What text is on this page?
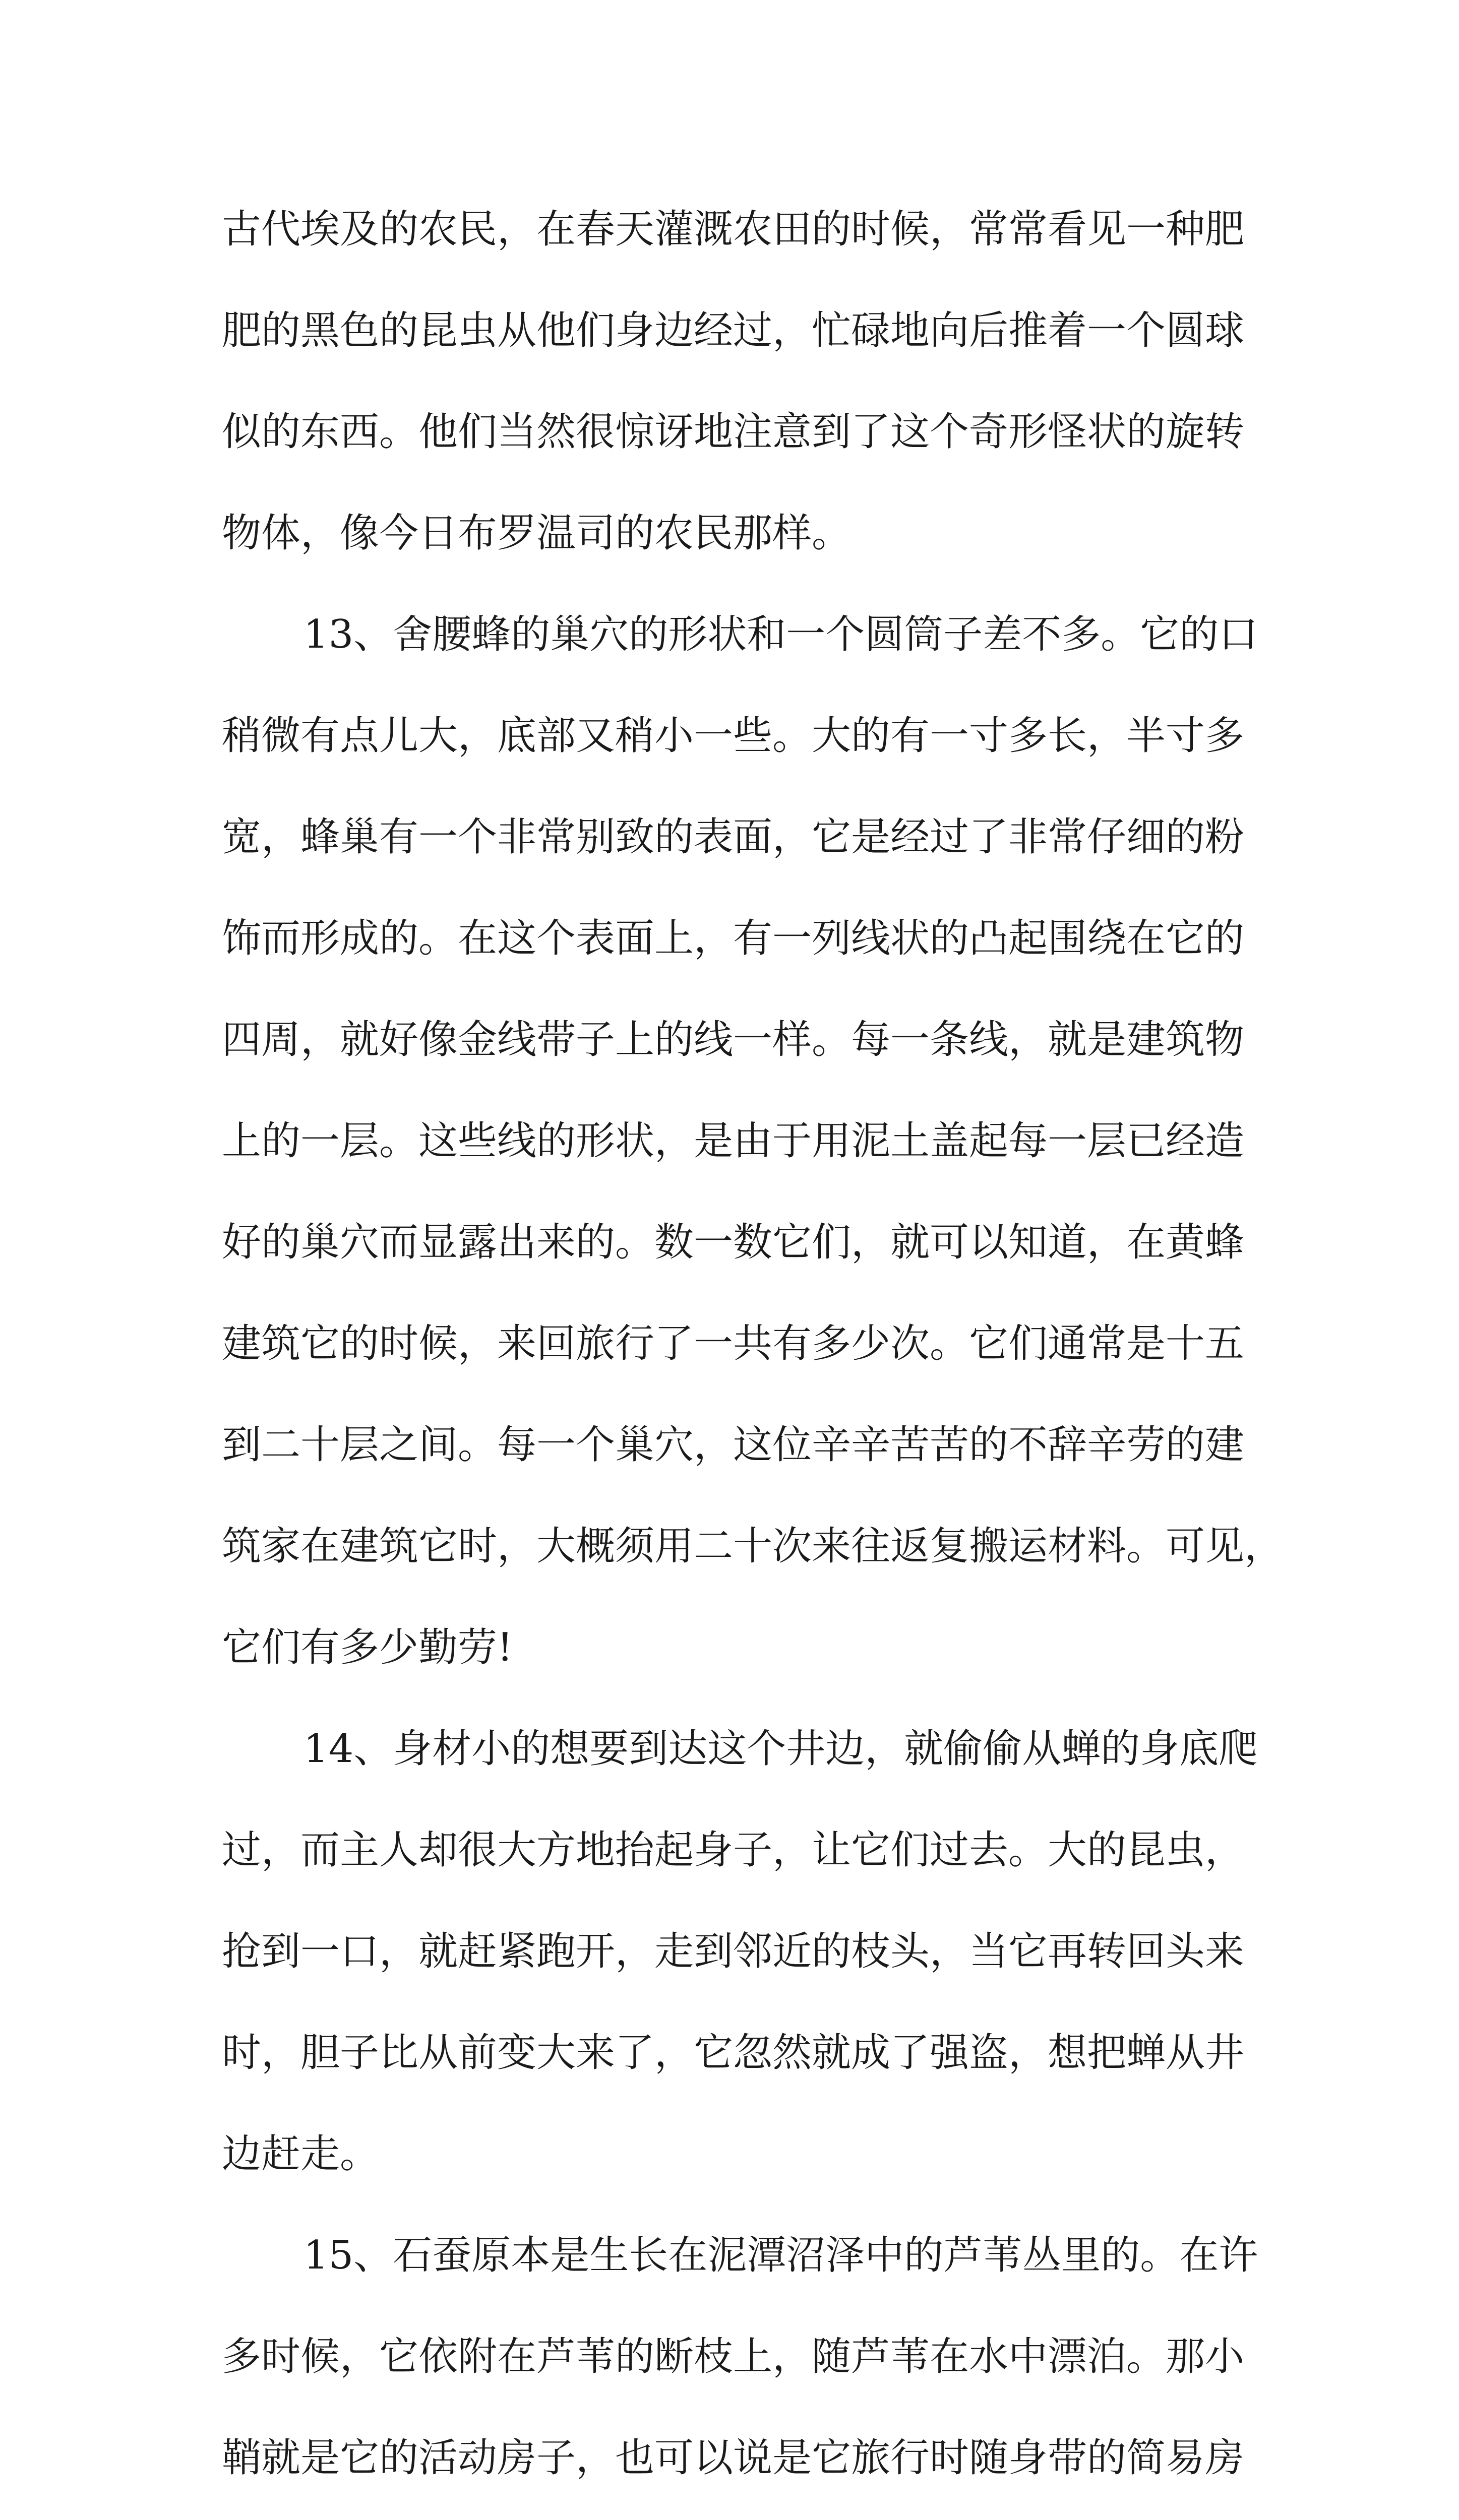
古代埃及的农民，在春天灌溉农田的时候，常常看见一种肥
肥的黑色的昆虫从他们身边经过，忙碌地向后推着一个圆球
似的东西。他们当然很惊讶地注意到了这个奇形怪状的旋转
物体，像今日布罗温司的农民那样。
13、舍腰蜂的巢穴的形状和一个圆筒子差不多。它的口
稍微有点儿大，底部又稍小一些。大的有一寸多长，半寸多
宽，蜂巢有一个非常别致的表面，它是经过了非常仔细的粉
饰而形成的。在这个表面上，有一列线状的凸起围绕在它的
四周，就好像金线带子上的线一样。每一条线，就是建筑物
上的一层。这些线的形状，是由于用泥土盖起每一层已经造
好的巢穴而显露出来的。数一数它们，就可以知道，在黄蜂
建筑它的时候，来回旅行了一共有多少次。它们通常是十五
到二十层之间。每一个巢穴，这位辛辛苦苦的不辞辛劳的建
筑家在建筑它时，大概须用二十次来往返复搬运材料。可见，
它们有多少勤劳!
14、身材小的想要到达这个井边，就偷偷从蝉的身底爬
过，而主人却很大方地抬起身子，让它们过去。大的昆虫，
抢到一口，就赶紧跑开，走到邻近的枝头，当它再转回头来
时，胆子比从前变大来了，它忽然就成了强盗，想把蝉从井
边赶走。
15、石蚕原本是生长在泥潭沼泽中的芦苇丛里的。在许
多时候，它依附在芦苇的断枝上，随芦苇在水中漂泊。那小
鞘就是它的活动房子，也可以说是它旅行时随身带的简易房
